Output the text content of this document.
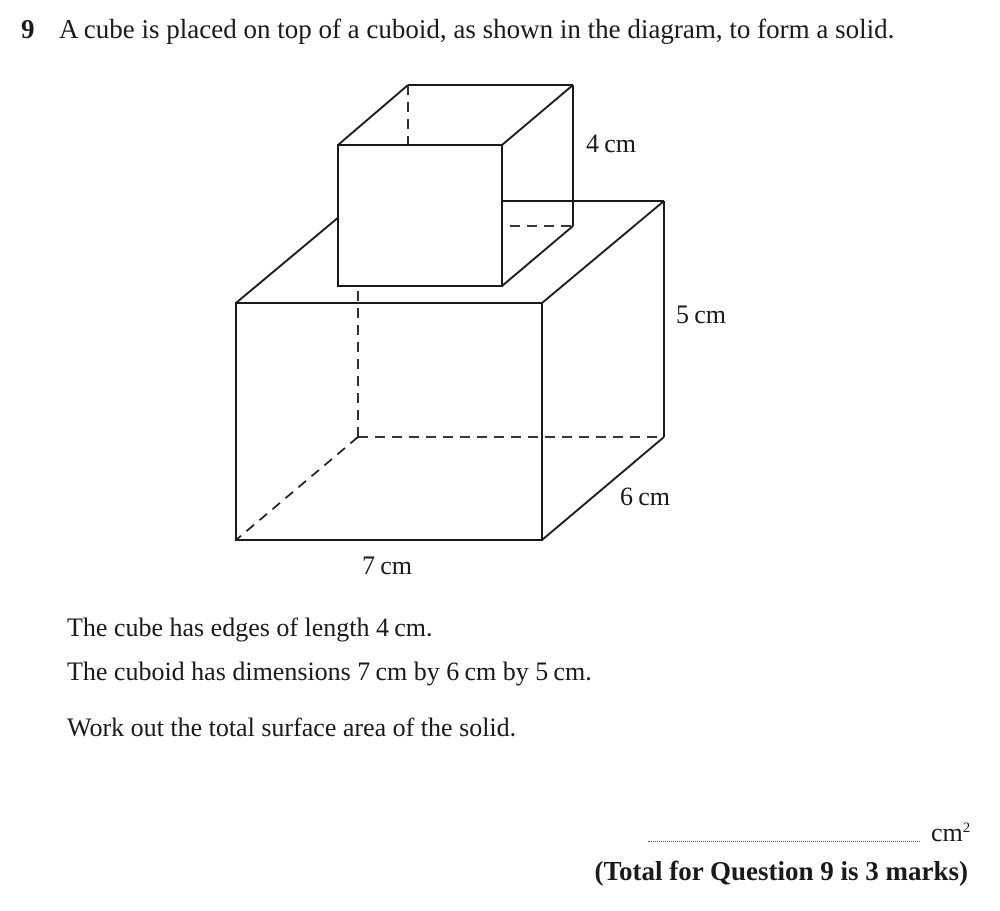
9 A cube is placed on top of a cuboid, as shown in the diagram, to form a solid.
4 cm
5 cm
6 cm
7 cm
The cube has edges of length 4 cm.
The cuboid has dimensions 7 cm by 6 cm by 5 cm.
Work out the total surface area of the solid.
$cm^2$
(Total for Question 9 is 3 marks)
